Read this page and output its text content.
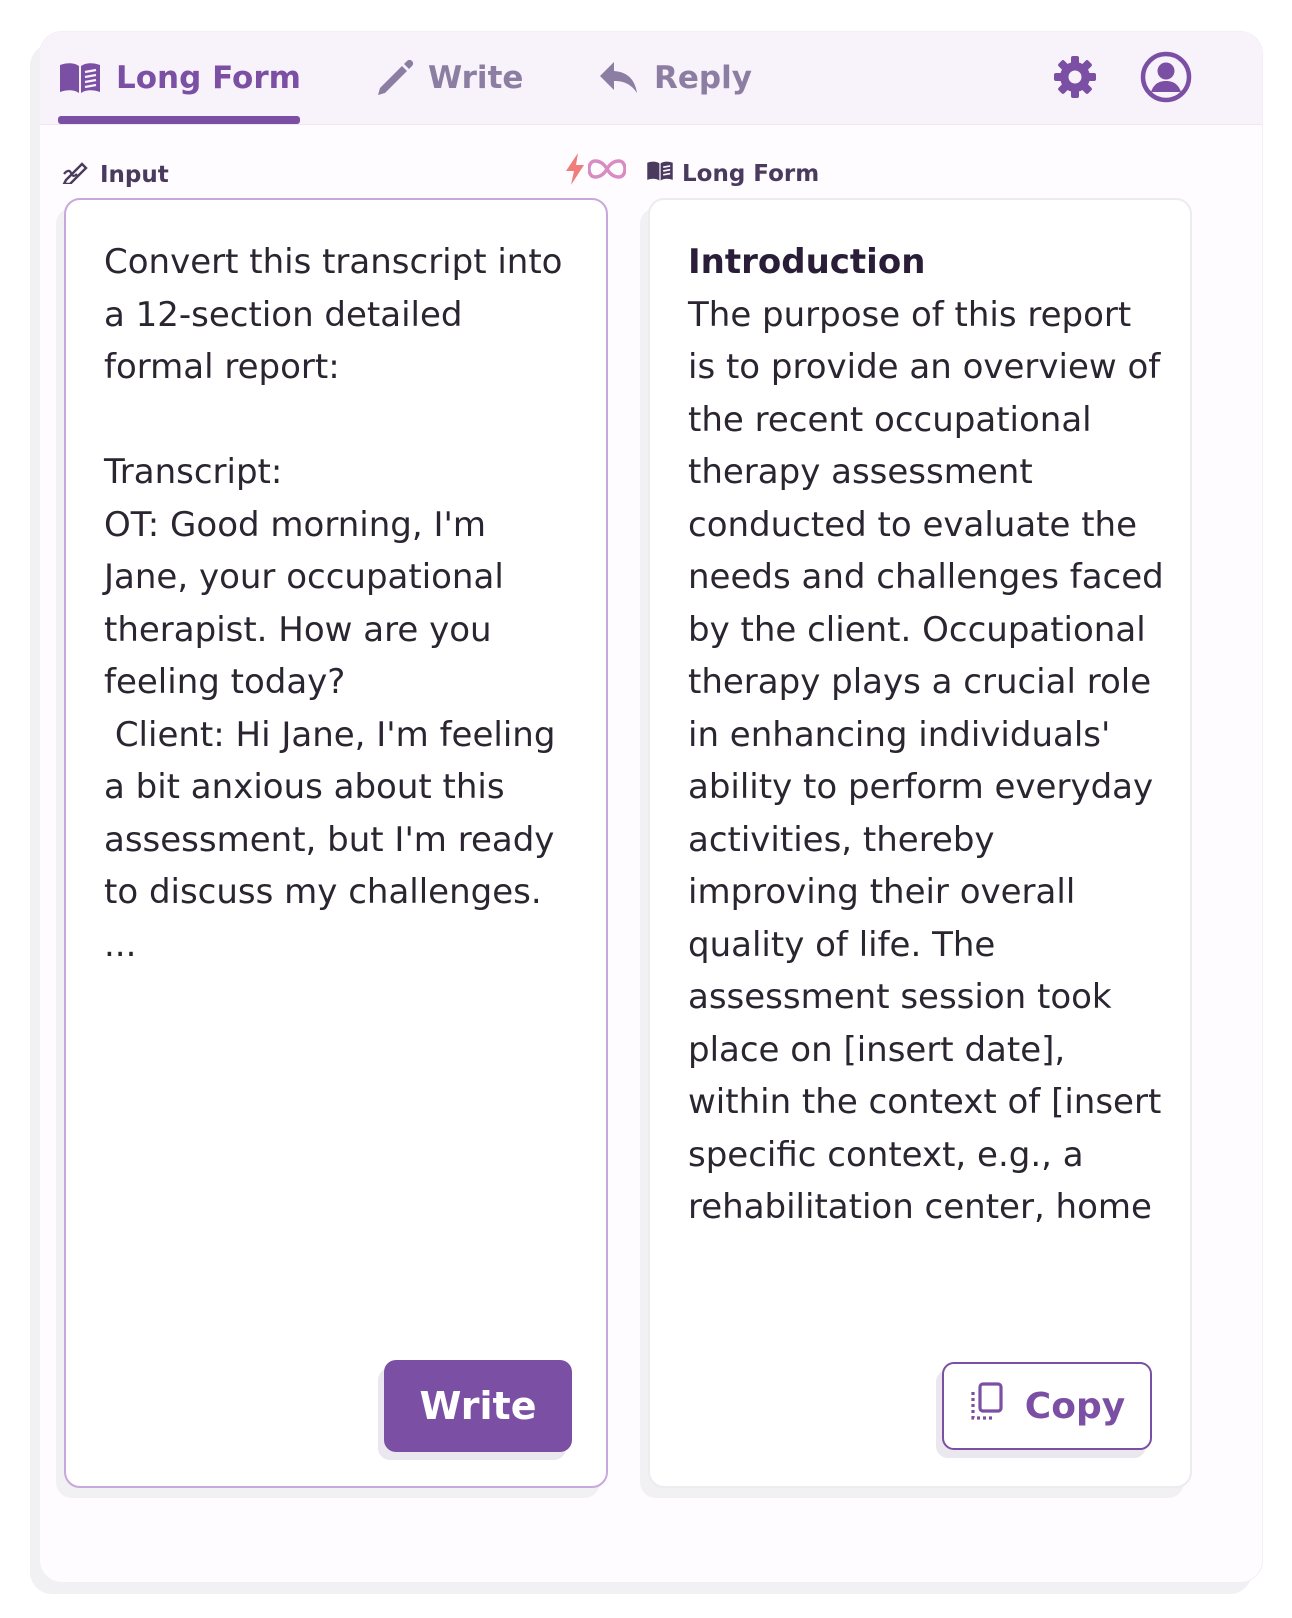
Long Form	Write	Reply
Input	Long Form
Convert this transcript into a 12-section detailed formal report:

Transcript:
OT: Good morning, I'm Jane, your occupational therapist. How are you feeling today?
Client: Hi Jane, I'm feeling a bit anxious about this assessment, but I'm ready to discuss my challenges.
...
Write
Introduction
The purpose of this report is to provide an overview of the recent occupational therapy assessment conducted to evaluate the needs and challenges faced by the client. Occupational therapy plays a crucial role in enhancing individuals' ability to perform everyday activities, thereby improving their overall quality of life. The assessment session took place on [insert date], within the context of [insert specific context, e.g., a rehabilitation center, home
Copy
